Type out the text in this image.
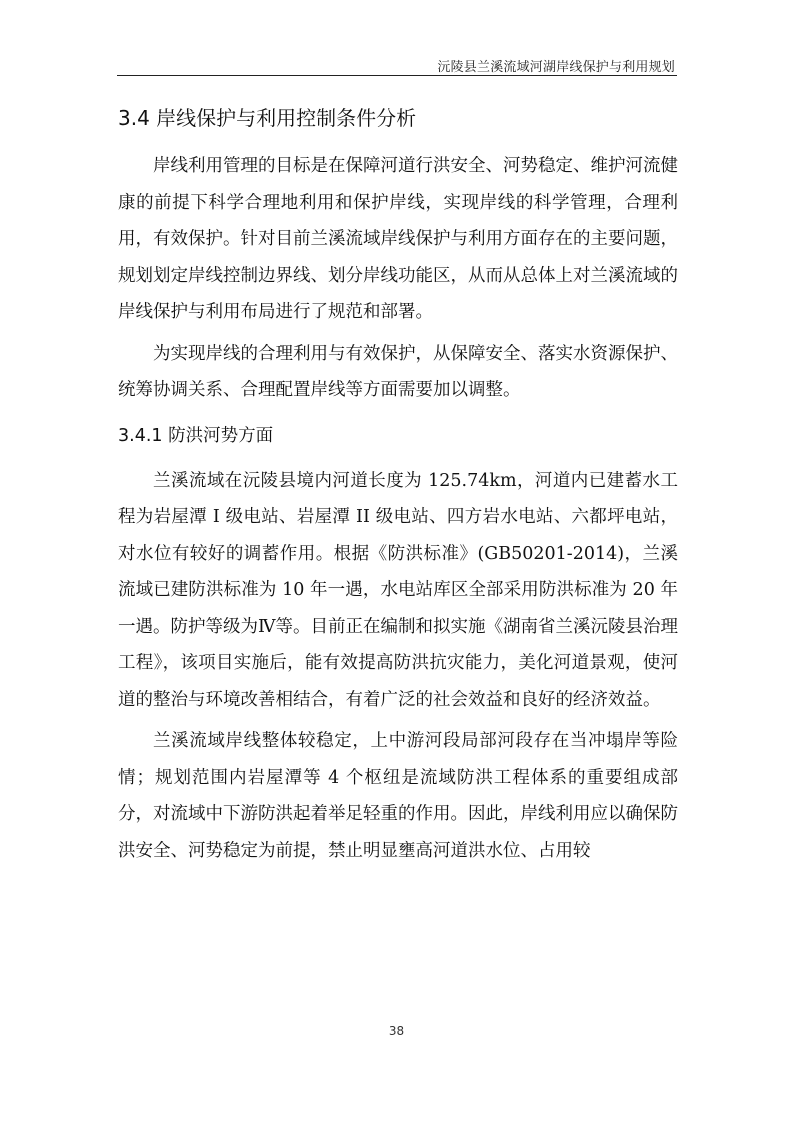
沅陵县兰溪流域河湖岸线保护与利用规划
3.4 岸线保护与利用控制条件分析

岸线利用管理的目标是在保障河道行洪安全、河势稳定、维护河流健康的前提下科学合理地利用和保护岸线，实现岸线的科学管理，合理利用，有效保护。针对目前兰溪流域岸线保护与利用方面存在的主要问题，规划划定岸线控制边界线、划分岸线功能区，从而从总体上对兰溪流域的岸线保护与利用布局进行了规范和部署。

为实现岸线的合理利用与有效保护，从保障安全、落实水资源保护、统筹协调关系、合理配置岸线等方面需要加以调整。

3.4.1 防洪河势方面

兰溪流域在沅陵县境内河道长度为 125.74km，河道内已建蓄水工程为岩屋潭 I 级电站、岩屋潭 II 级电站、四方岩水电站、六都坪电站，对水位有较好的调蓄作用。根据《防洪标准》(GB50201-2014)，兰溪流域已建防洪标准为 10 年一遇，水电站库区全部采用防洪标准为 20 年一遇。防护等级为Ⅳ等。目前正在编制和拟实施《湖南省兰溪沅陵县治理工程》，该项目实施后，能有效提高防洪抗灾能力，美化河道景观，使河道的整治与环境改善相结合，有着广泛的社会效益和良好的经济效益。

兰溪流域岸线整体较稳定，上中游河段局部河段存在当冲塌岸等险情；规划范围内岩屋潭等 4 个枢纽是流域防洪工程体系的重要组成部分，对流域中下游防洪起着举足轻重的作用。因此，岸线利用应以确保防洪安全、河势稳定为前提，禁止明显壅高河道洪水位、占用较

38
